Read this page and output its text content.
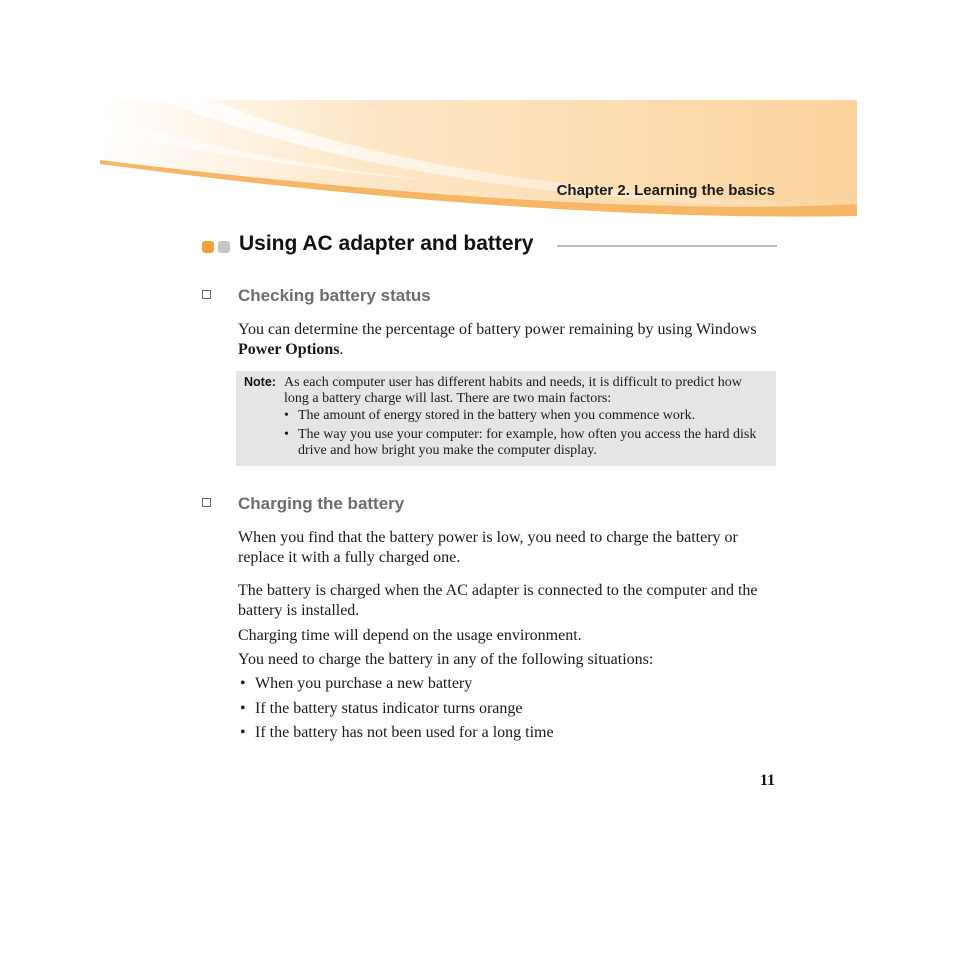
Chapter 2. Learning the basics
Using AC adapter and battery
Checking battery status
You can determine the percentage of battery power remaining by using Windows Power Options.
Note: As each computer user has different habits and needs, it is difficult to predict how long a battery charge will last. There are two main factors:
• The amount of energy stored in the battery when you commence work.
• The way you use your computer: for example, how often you access the hard disk drive and how bright you make the computer display.
Charging the battery
When you find that the battery power is low, you need to charge the battery or replace it with a fully charged one.
The battery is charged when the AC adapter is connected to the computer and the battery is installed.
Charging time will depend on the usage environment.
You need to charge the battery in any of the following situations:
• When you purchase a new battery
• If the battery status indicator turns orange
• If the battery has not been used for a long time
11
